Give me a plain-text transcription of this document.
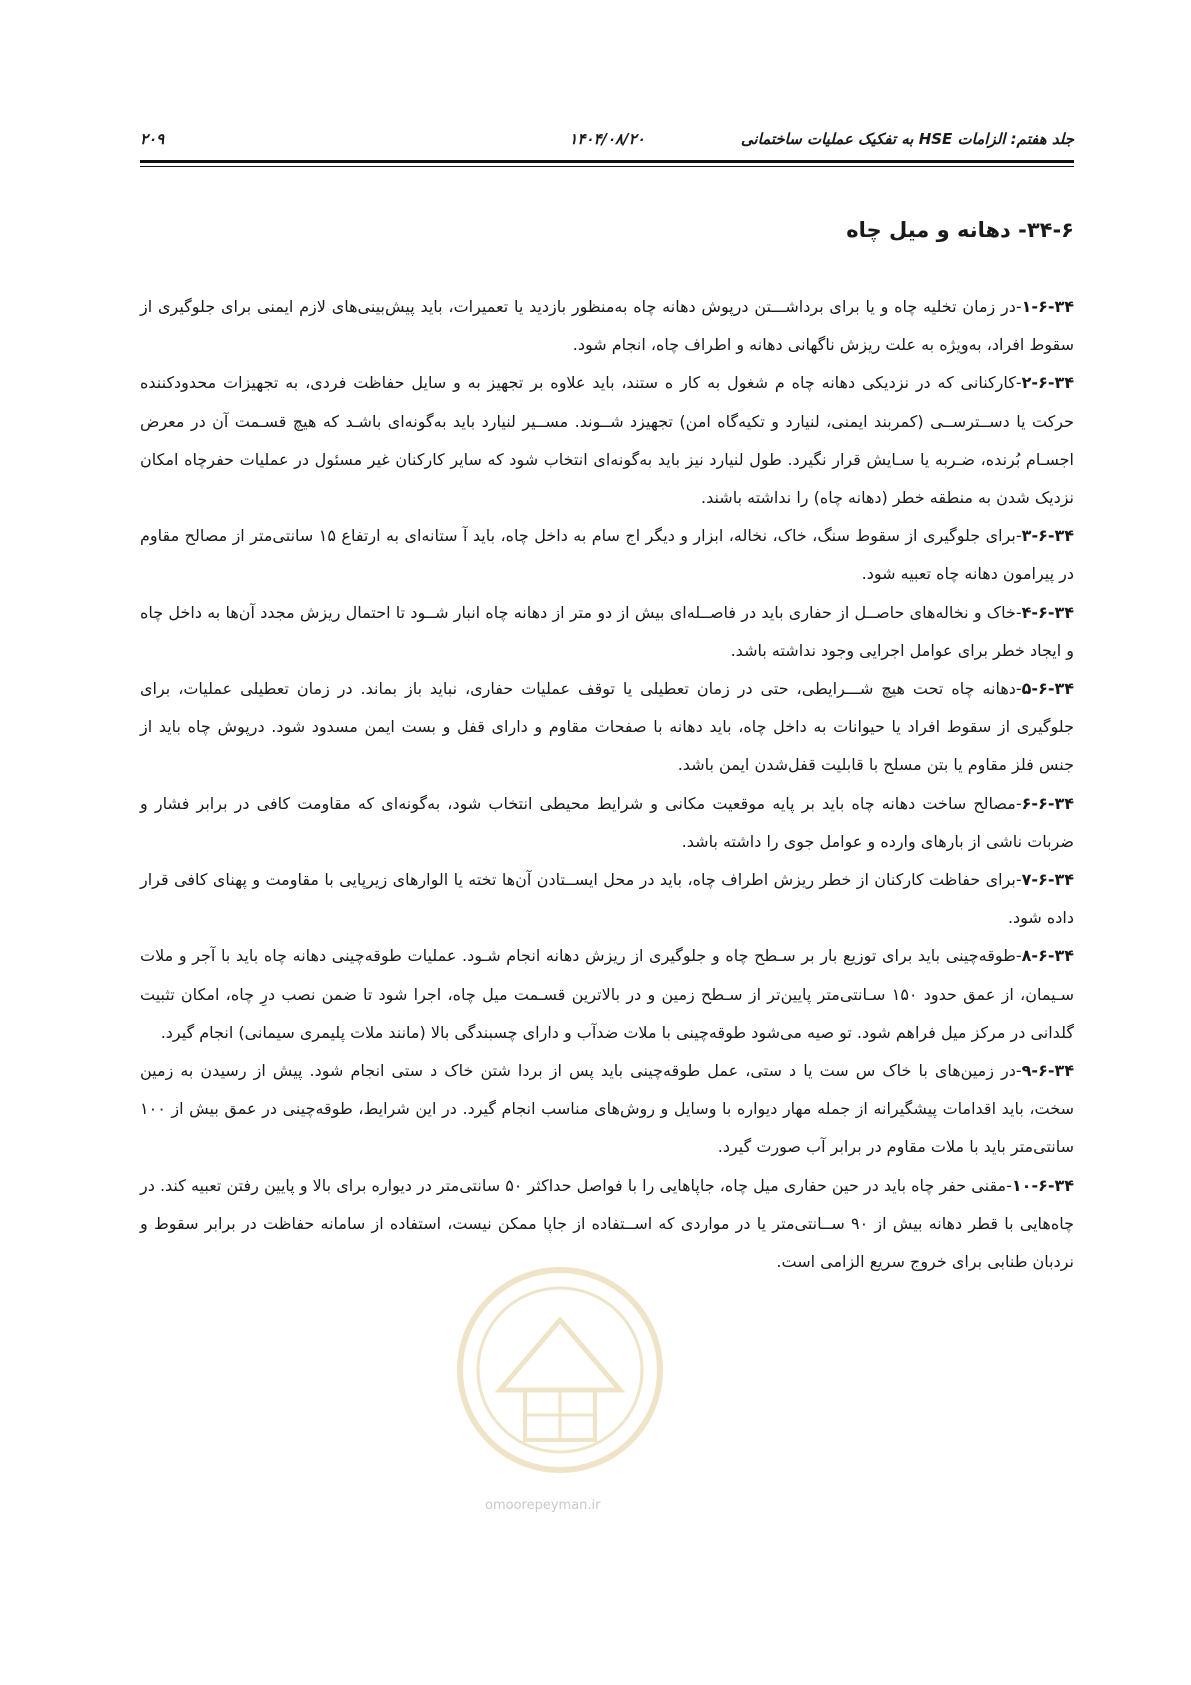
جلد هفتم: الزامات HSE به تفکیک عملیات ساختمانی
۱۴۰۴/۰۸/۲۰
۲۰۹
۳۴-۶- دهانه و میل چاه
omoorepeyman.ir

۱-۶-۳۴-در زمان تخلیه چاه و یا برای برداشـــتن درپوش دهانه چاه به‌منظور بازدید یا تعمیرات، باید پیش‌بینی‌های لازم ایمنی برای جلوگیری از سقوط افراد، به‌ویژه به علت ریزش ناگهانی دهانه و اطراف چاه، انجام شود.

۲-۶-۳۴-کارکنانی که در نزدیکی دهانه چاه م شغول به کار ه ستند، باید علاوه بر تجهیز به و سایل حفاظت فردی، به تجهیزات محدودکننده حرکت یا دســترســی (کمربند ایمنی، لنیارد و تکیه‌گاه امن) تجهیزد شــوند. مســیر لنیارد باید به‌گونه‌ای باشـد که هیچ قسـمت آن در معرض اجسـام بُرنده، ضـربه یا سـایش قرار نگیرد. طول لنیارد نیز باید به‌گونه‌ای انتخاب شود که سایر کارکنان غیر مسئول در عملیات حفرچاه امکان نزدیک شدن به منطقه خطر (دهانه چاه) را نداشته باشند.

۳-۶-۳۴-برای جلوگیری از سقوط سنگ، خاک، نخاله، ابزار و دیگر اج سام به داخل چاه، باید آ ستانه‌ای به ارتفاع ۱۵ سانتی‌متر از مصالح مقاوم در پیرامون دهانه چاه تعبیه شود.

۴-۶-۳۴-خاک و نخاله‌های حاصــل از حفاری باید در فاصــله‌ای بیش از دو متر از دهانه چاه انبار شــود تا احتمال ریزش مجدد آن‌ها به داخل چاه و ایجاد خطر برای عوامل اجرایی وجود نداشته باشد.

۵-۶-۳۴-دهانه چاه تحت هیچ شـــرایطی، حتی در زمان تعطیلی یا توقف عملیات حفاری، نباید باز بماند. در زمان تعطیلی عملیات، برای جلوگیری از سقوط افراد یا حیوانات به داخل چاه، باید دهانه با صفحات مقاوم و دارای قفل و بست ایمن مسدود شود. درپوش چاه باید از جنس فلز مقاوم یا بتن مسلح با قابلیت قفل‌شدن ایمن باشد.

۶-۶-۳۴-مصالح ساخت دهانه چاه باید بر پایه موقعیت مکانی و شرایط محیطی انتخاب شود، به‌گونه‌ای که مقاومت کافی در برابر فشار و ضربات ناشی از بارهای وارده و عوامل جوی را داشته باشد.

۷-۶-۳۴-برای حفاظت کارکنان از خطر ریزش اطراف چاه، باید در محل ایســتادن آن‌ها تخته یا الوارهای زیرپایی با مقاومت و پهنای کافی قرار داده شود.

۸-۶-۳۴-طوقه‌چینی باید برای توزیع بار بر سـطح چاه و جلوگیری از ریزش دهانه انجام شـود. عملیات طوقه‌چینی دهانه چاه باید با آجر و ملات سـیمان، از عمق حدود ۱۵۰ سـانتی‌متر پایین‌تر از سـطح زمین و در بالاترین قسـمت میل چاه، اجرا شود تا ضمن نصب درِ چاه، امکان تثبیت گلدانی در مرکز میل فراهم شود. تو صیه می‌شود طوقه‌چینی با ملات ضدآب و دارای چسبندگی بالا (مانند ملات پلیمری سیمانی) انجام گیرد.

۹-۶-۳۴-در زمین‌های با خاک س ست یا د ستی، عمل طوقه‌چینی باید پس از بردا شتن خاک د ستی انجام شود. پیش از رسیدن به زمین سخت، باید اقدامات پیشگیرانه از جمله مهار دیواره با وسایل و روش‌های مناسب انجام گیرد. در این شرایط، طوقه‌چینی در عمق بیش از ۱۰۰ سانتی‌متر باید با ملات مقاوم در برابر آب صورت گیرد.

۱۰-۶-۳۴-مقنی حفر چاه باید در حین حفاری میل چاه، جاپاهایی را با فواصل حداکثر ۵۰ سانتی‌متر در دیواره برای بالا و پایین رفتن تعبیه کند. در چاه‌هایی با قطر دهانه بیش از ۹۰ ســانتی‌متر یا در مواردی که اســتفاده از جاپا ممکن نیست، استفاده از سامانه حفاظت در برابر سقوط و نردبان طنابی برای خروج سریع الزامی است.
